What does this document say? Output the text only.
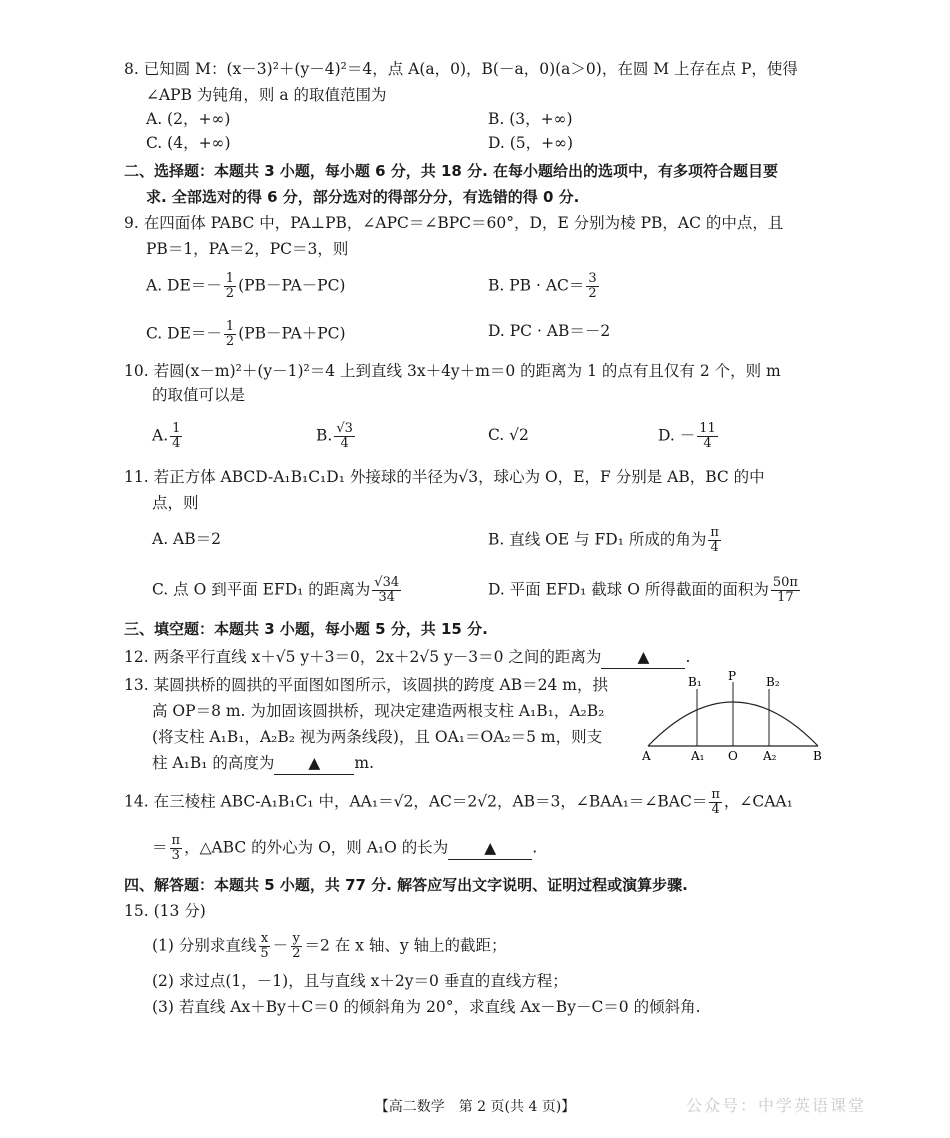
8. 已知圆 M：(x－3)²＋(y－4)²＝4，点 A(a，0)，B(－a，0)(a＞0)，在圆 M 上存在点 P，使得
∠APB 为钝角，则 a 的取值范围为
A. (2，+∞)	B. (3，+∞)
C. (4，+∞)	D. (5，+∞)
二、选择题：本题共 3 小题，每小题 6 分，共 18 分. 在每小题给出的选项中，有多项符合题目要
求. 全部选对的得 6 分，部分选对的得部分分，有选错的得 0 分.
9. 在四面体 PABC 中，PA⊥PB，∠APC＝∠BPC＝60°，D，E 分别为棱 PB，AC 的中点，且
PB＝1，PA＝2，PC＝3，则
A. $DE=- \frac{1}{2} (PB-PA-PC)$	B. PB · $AC= \frac{3}{2}$
C. $DE=- \frac{1}{2} (PB-PA+PC)$	D. PC · AB＝－2
10. 若圆(x－m)²＋(y－1)²＝4 上到直线 3x＋4y＋m＝0 的距离为 1 的点有且仅有 2 个，则 m
的取值可以是
A. $\frac{1}{4}$	B. $\frac{√3}{4}$	C. √2	D. － $\frac{11}{4}$
11. 若正方体 ABCD-A₁B₁C₁D₁ 外接球的半径为√3，球心为 O，E，F 分别是 AB，BC 的中
点，则
A. AB＝2	B. 直线 OE 与 FD₁ 所成的角为 $\frac{\pi}{4}$
C. 点 O 到平面 EFD₁ 的距离为 $\frac{√34}{34}$	D. 平面 EFD₁ 截球 O 所得截面的面积为 $\frac{50\pi}{17}$
三、填空题：本题共 3 小题，每小题 5 分，共 15 分.
12. 两条平行直线 x＋√5 y＋3＝0，2x＋2√5 y－3＝0 之间的距离为 ▲ .
13. 某圆拱桥的圆拱的平面图如图所示，该圆拱的跨度 AB＝24 m，拱
高 OP＝8 m. 为加固该圆拱桥，现决定建造两根支柱 A₁B₁，A₂B₂
(将支柱 A₁B₁，A₂B₂ 视为两条线段)，且 OA₁＝OA₂＝5 m，则支
柱 A₁B₁ 的高度为 ▲ m.	A	B
O
P
A₁	A₂
B₁	B₂
14. 在三棱柱 ABC-A₁B₁C₁ 中，AA₁＝√2，AC＝2√2，AB＝3，∠BAA₁＝∠BAC＝ $\frac{\pi}{4}$ ，∠CAA₁
＝ $\frac{\pi}{3}$ ，△ABC 的外心为 O，则 A₁O 的长为 ▲ .
四、解答题：本题共 5 小题，共 77 分. 解答应写出文字说明、证明过程或演算步骤.
15. (13 分)
(1) 分别求直线 $\frac{x}{5} - \frac{y}{2} =2$ 在 x 轴、y 轴上的截距；
(2) 求过点(1，－1)，且与直线 x＋2y＝0 垂直的直线方程；
(3) 若直线 Ax＋By＋C＝0 的倾斜角为 20°，求直线 Ax－By－C＝0 的倾斜角.
【高二数学　第 2 页(共 4 页)】	公众号：中学英语课堂
